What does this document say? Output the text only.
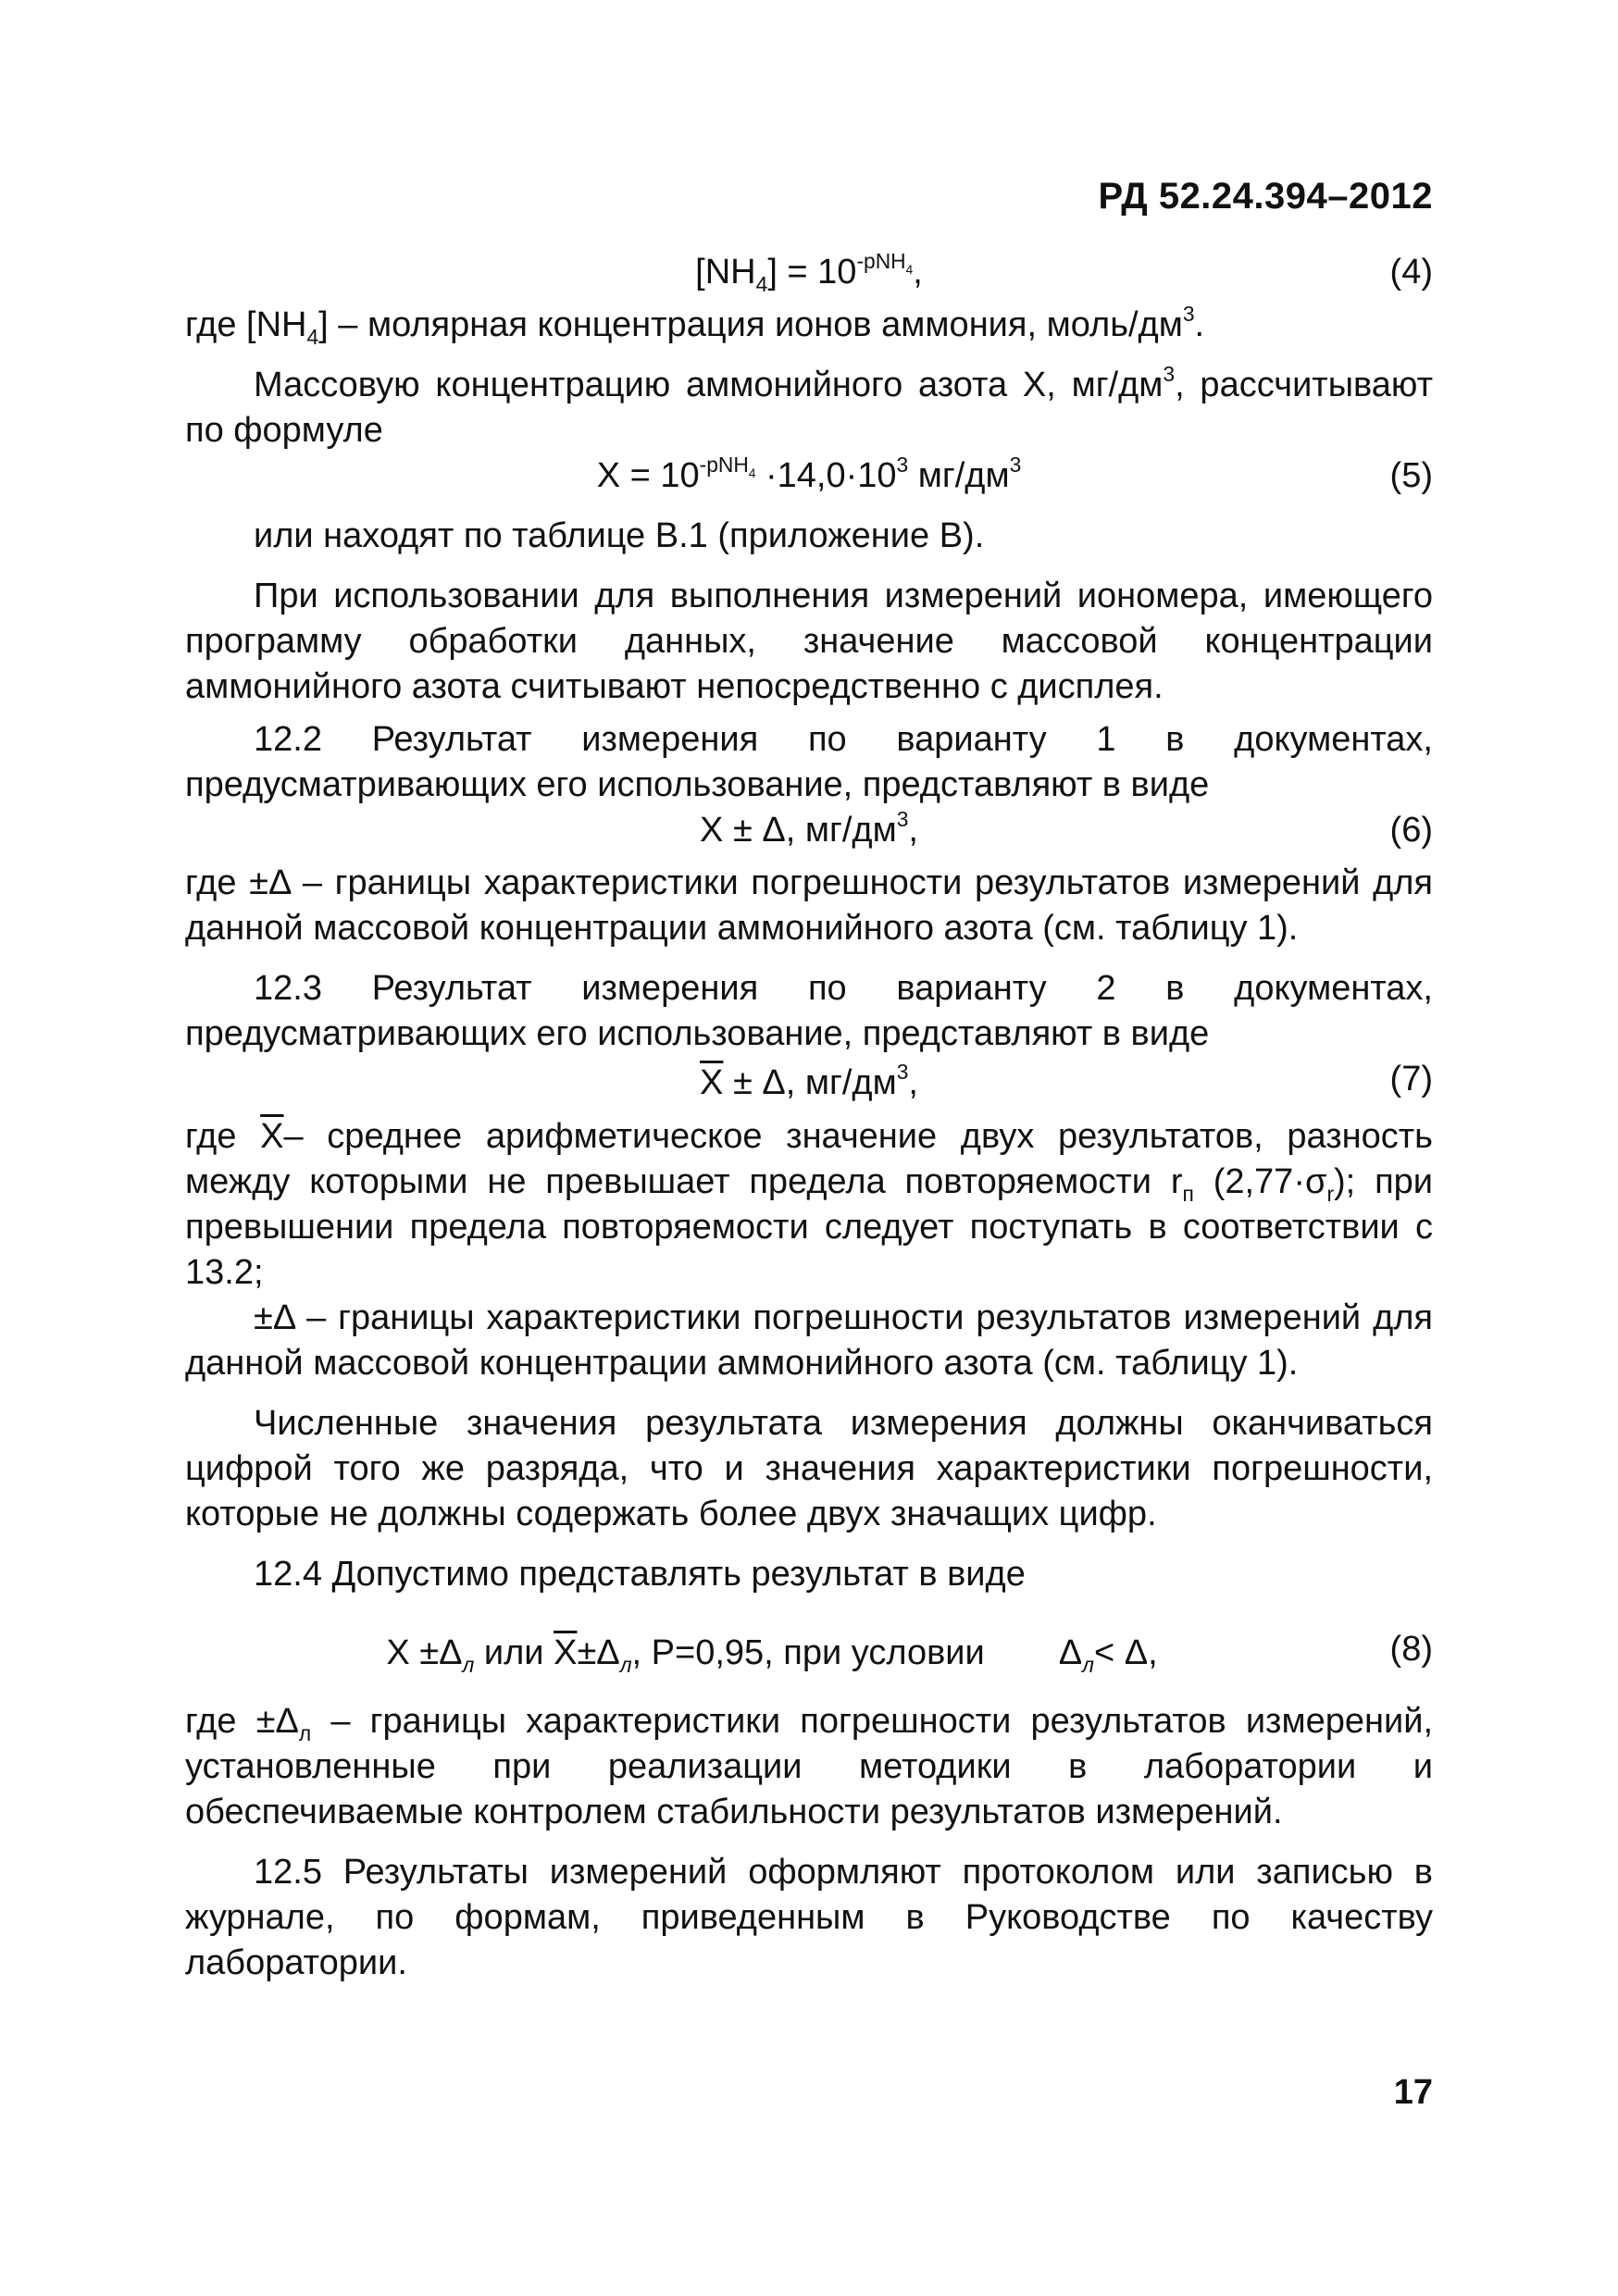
РД 52.24.394–2012
$[NH_4] = 10^{-pNH_4}$,	(4)

где $[NH_4]$ – молярная концентрация ионов аммония, моль/$дм^3$.

Массовую концентрацию аммонийного азота X, $мг/дм^3$, рассчитывают по формуле

$X = 10^{-pNH_4} \cdot 14,0\cdot 10^3$ $мг/дм^3$	(5)

или находят по таблице В.1 (приложение В).

При использовании для выполнения измерений иономера, имеющего программу обработки данных, значение массовой концентрации аммонийного азота считывают непосредственно с дисплея.

12.2 Результат измерения по варианту 1 в документах, предусматривающих его использование, представляют в виде

X ± Δ, $мг/дм^3$,	(6)

где ±Δ – границы характеристики погрешности результатов измерений для данной массовой концентрации аммонийного азота (см. таблицу 1).

12.3 Результат измерения по варианту 2 в документах, предусматривающих его использование, представляют в виде

$\overline{X} \pm \Delta$, $мг/дм^3$,	(7)

где $\overline{X}-$ среднее арифметическое значение двух результатов, разность между которыми не превышает предела повторяемости $r_п$ $(2,77\cdot\sigma_r)$; при превышении предела повторяемости следует поступать в соответствии с 13.2;

±Δ – границы характеристики погрешности результатов измерений для данной массовой концентрации аммонийного азота (см. таблицу 1).

Численные значения результата измерения должны оканчиваться цифрой того же разряда, что и значения характеристики погрешности, которые не должны содержать более двух значащих цифр.

12.4 Допустимо представлять результат в виде

$X \pm\Delta_л$ или $\overline{X}\pm\Delta_л$, P=0,95, при условии $\Delta_л< \Delta$,	(8)

где $\pm\Delta_л$ – границы характеристики погрешности результатов измерений, установленные при реализации методики в лаборатории и обеспечиваемые контролем стабильности результатов измерений.

12.5 Результаты измерений оформляют протоколом или записью в журнале, по формам, приведенным в Руководстве по качеству лаборатории.

17
